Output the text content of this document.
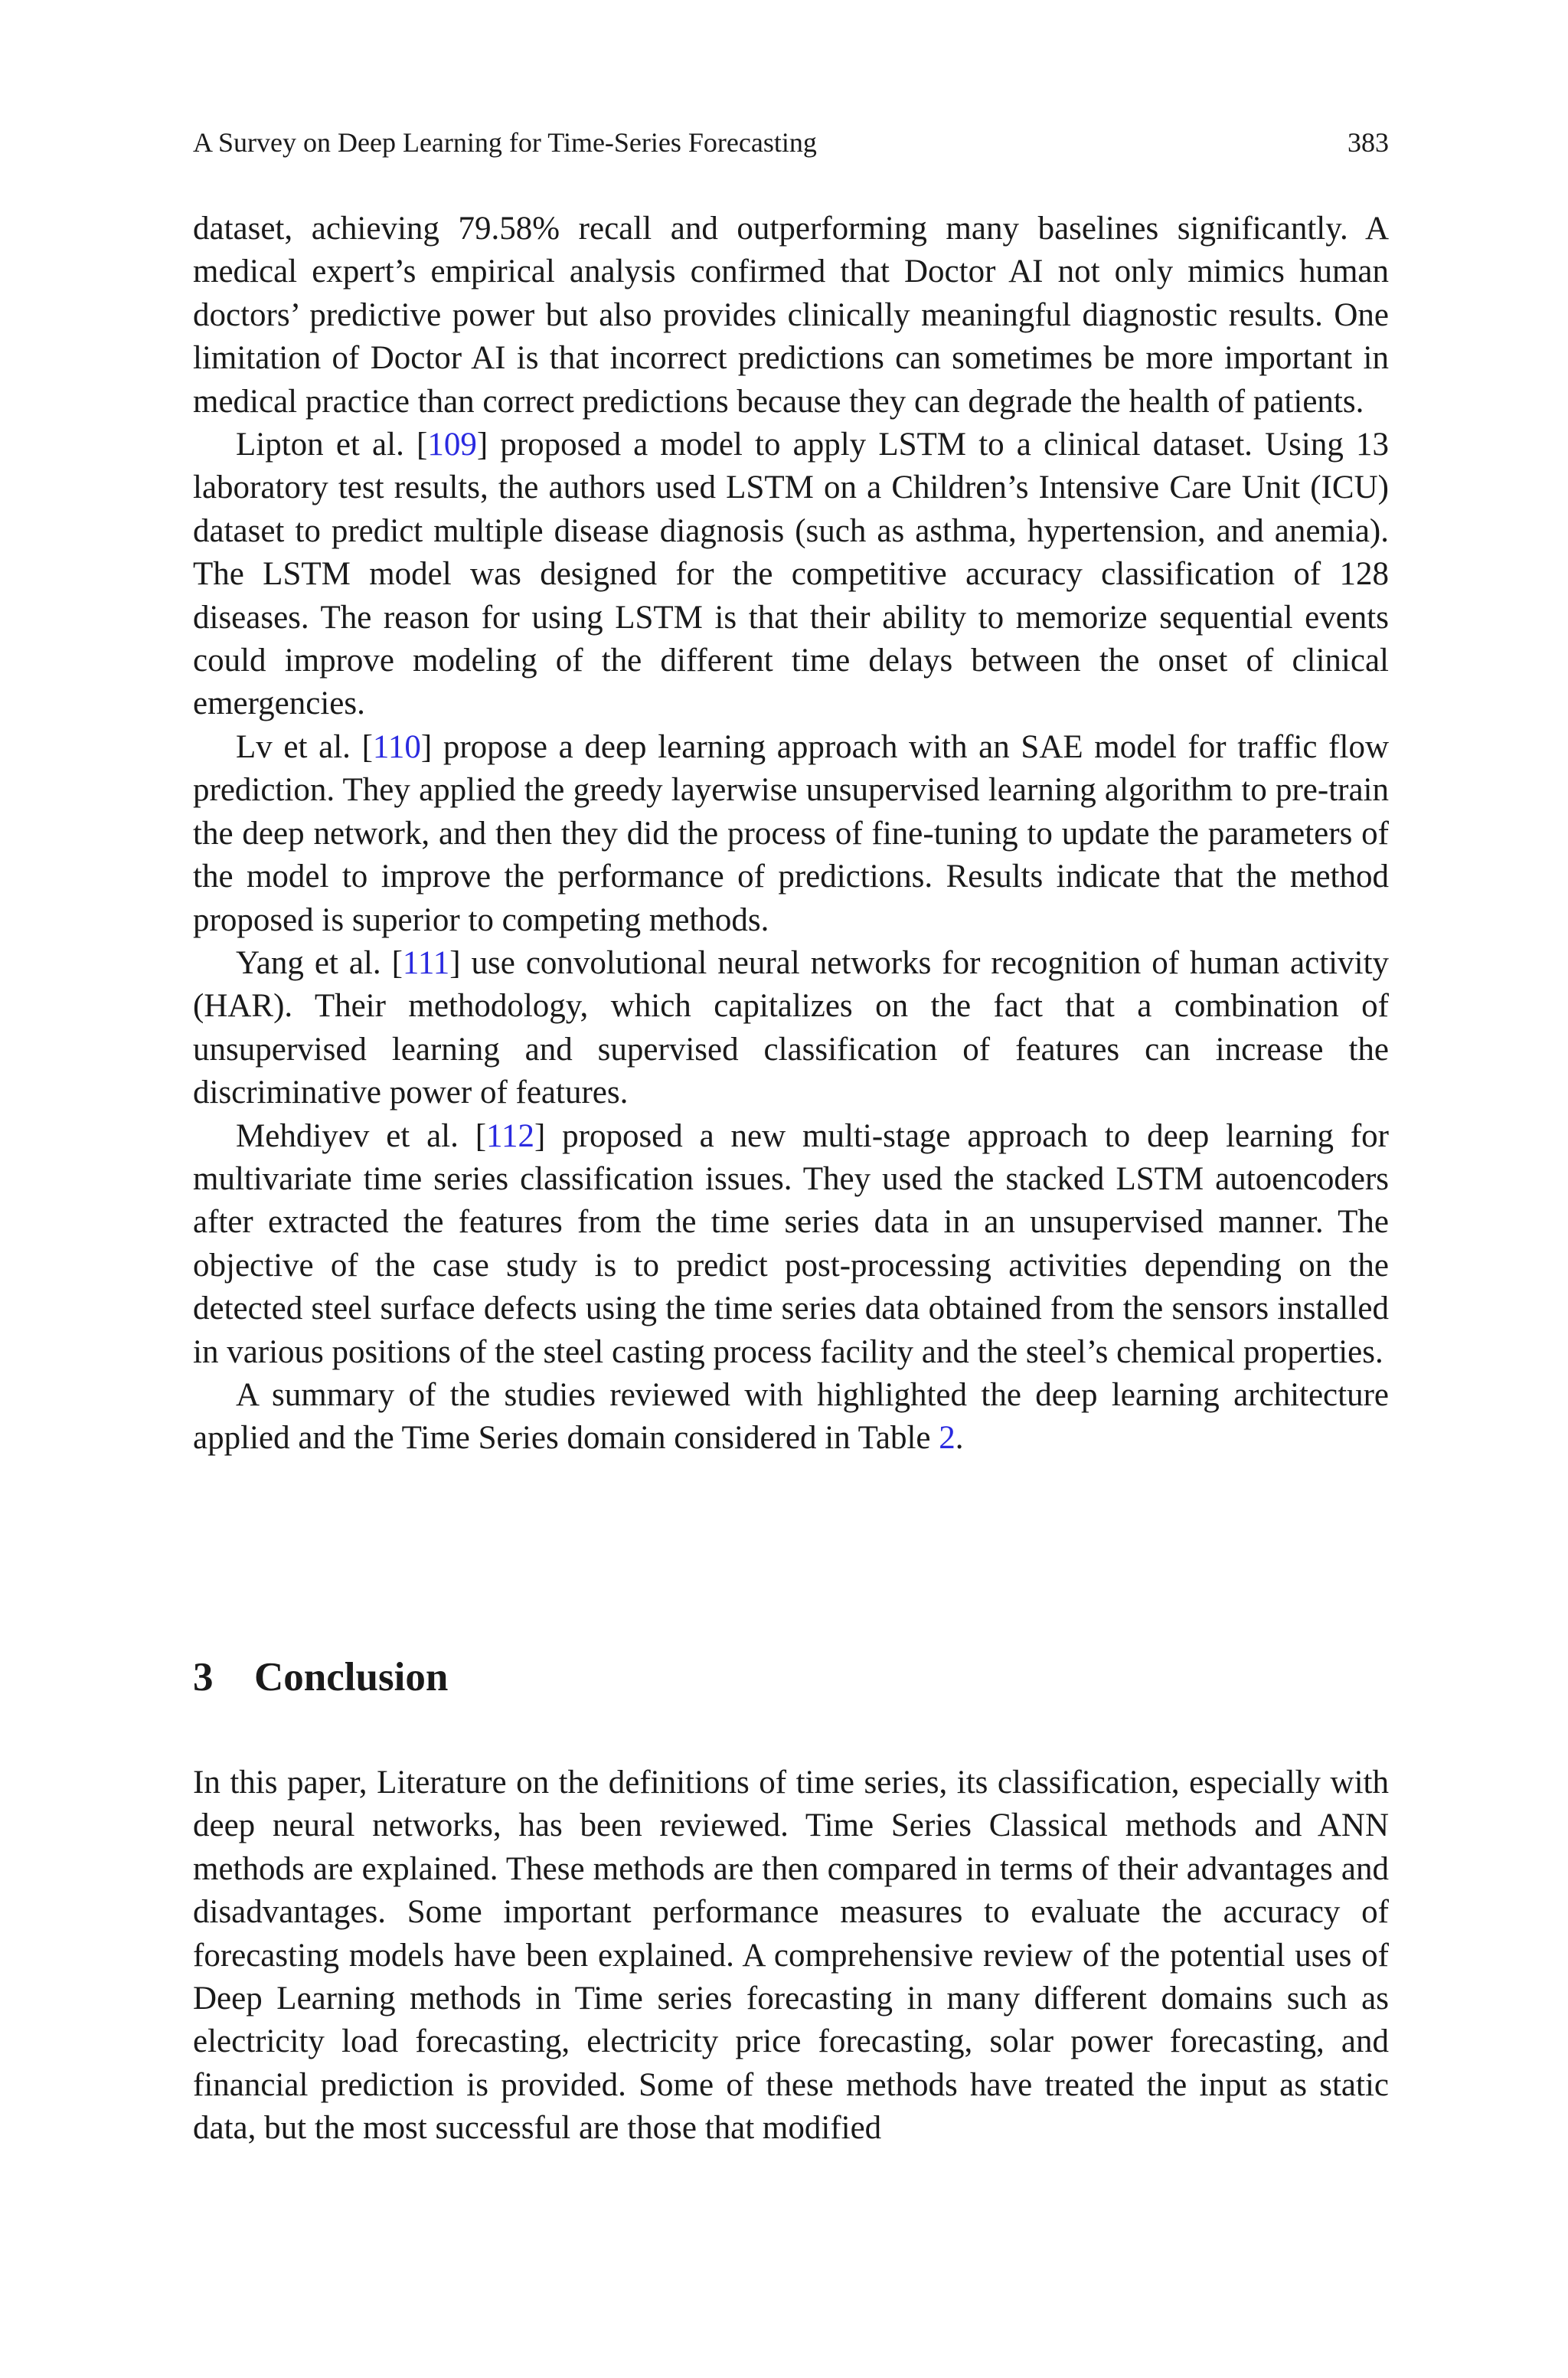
A Survey on Deep Learning for Time-Series Forecasting	383

dataset, achieving 79.58% recall and outperforming many baselines significantly. A medical expert’s empirical analysis confirmed that Doctor AI not only mimics human doctors’ predictive power but also provides clinically meaningful diagnostic results. One limitation of Doctor AI is that incorrect predictions can sometimes be more important in medical practice than correct predictions because they can degrade the health of patients.

Lipton et al. [109] proposed a model to apply LSTM to a clinical dataset. Using 13 laboratory test results, the authors used LSTM on a Children’s Intensive Care Unit (ICU) dataset to predict multiple disease diagnosis (such as asthma, hypertension, and anemia). The LSTM model was designed for the competitive accuracy classification of 128 diseases. The reason for using LSTM is that their ability to memorize sequential events could improve modeling of the different time delays between the onset of clinical emergencies.

Lv et al. [110] propose a deep learning approach with an SAE model for traffic flow prediction. They applied the greedy layerwise unsupervised learning algorithm to pre-train the deep network, and then they did the process of fine-tuning to update the parameters of the model to improve the performance of predictions. Results indicate that the method proposed is superior to competing methods.

Yang et al. [111] use convolutional neural networks for recognition of human activity (HAR). Their methodology, which capitalizes on the fact that a combination of unsupervised learning and supervised classification of features can increase the discriminative power of features.

Mehdiyev et al. [112] proposed a new multi-stage approach to deep learning for multivariate time series classification issues. They used the stacked LSTM autoencoders after extracted the features from the time series data in an unsupervised manner. The objective of the case study is to predict post-processing activities depending on the detected steel surface defects using the time series data obtained from the sensors installed in various positions of the steel casting process facility and the steel’s chemical properties.

A summary of the studies reviewed with highlighted the deep learning architecture applied and the Time Series domain considered in Table 2.

3 Conclusion

In this paper, Literature on the definitions of time series, its classification, especially with deep neural networks, has been reviewed. Time Series Classical methods and ANN methods are explained. These methods are then compared in terms of their advantages and disadvantages. Some important performance measures to evaluate the accuracy of forecasting models have been explained. A comprehensive review of the potential uses of Deep Learning methods in Time series forecasting in many different domains such as electricity load forecasting, electricity price forecasting, solar power forecasting, and financial prediction is provided. Some of these methods have treated the input as static data, but the most successful are those that modified
